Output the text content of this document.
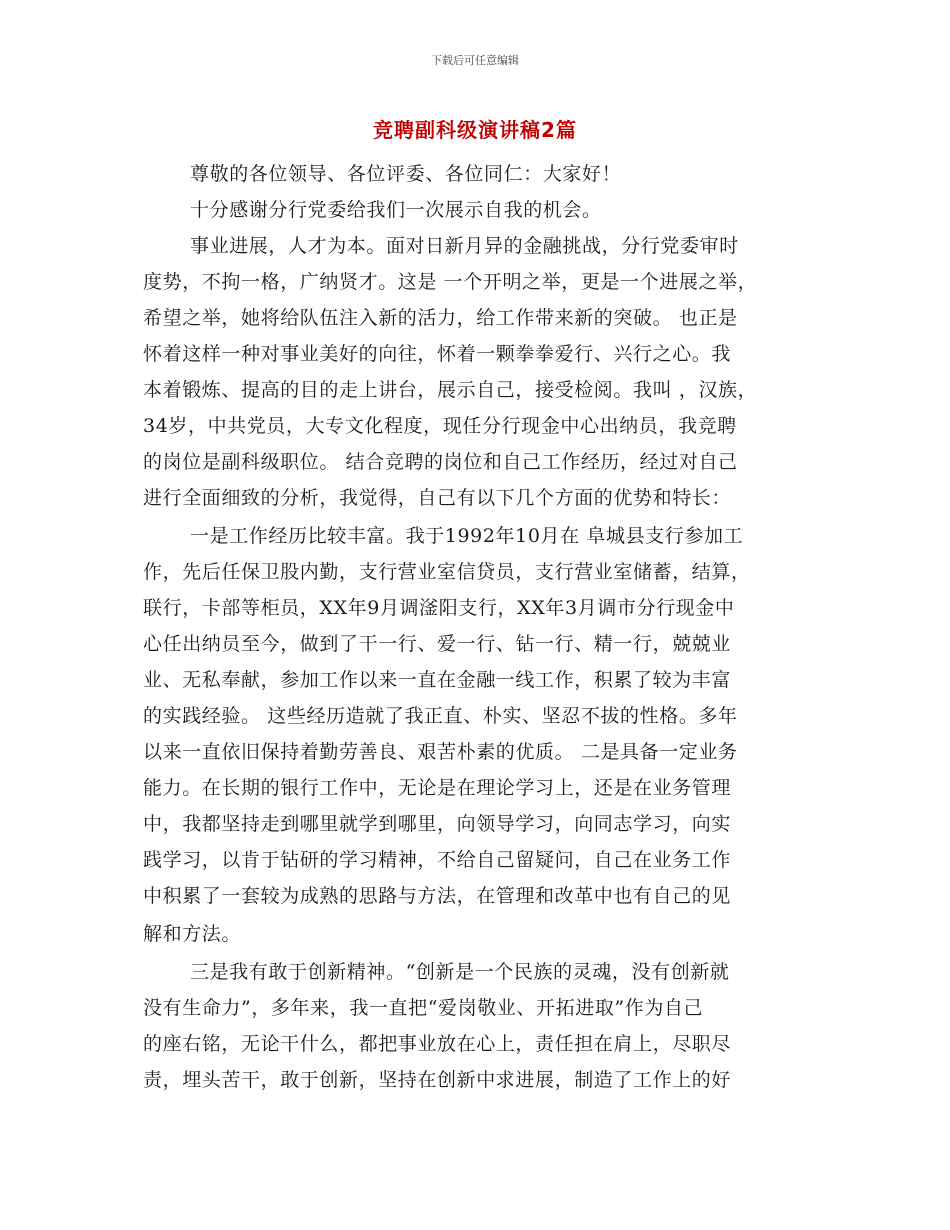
下载后可任意编辑
竞聘副科级演讲稿2篇
尊敬的各位领导、各位评委、各位同仁：大家好！
十分感谢分行党委给我们一次展示自我的机会。
事业进展，人才为本。面对日新月异的金融挑战，分行党委审时
度势，不拘一格，广纳贤才。这是 一个开明之举，更是一个进展之举，
希望之举，她将给队伍注入新的活力，给工作带来新的突破。 也正是
怀着这样一种对事业美好的向往，怀着一颗拳拳爱行、兴行之心。我
本着锻炼、提高的目的走上讲台，展示自己，接受检阅。我叫 ，汉族，
34岁，中共党员，大专文化程度，现任分行现金中心出纳员，我竞聘
的岗位是副科级职位。 结合竞聘的岗位和自己工作经历，经过对自己
进行全面细致的分析，我觉得，自己有以下几个方面的优势和特长：
一是工作经历比较丰富。我于1992年10月在 阜城县支行参加工
作，先后任保卫股内勤，支行营业室信贷员，支行营业室储蓄，结算，
联行，卡部等柜员，XX年9月调滏阳支行，XX年3月调市分行现金中
心任出纳员至今，做到了干一行、爱一行、钻一行、精一行，兢兢业
业、无私奉献，参加工作以来一直在金融一线工作，积累了较为丰富
的实践经验。 这些经历造就了我正直、朴实、坚忍不拔的性格。多年
以来一直依旧保持着勤劳善良、艰苦朴素的优质。 二是具备一定业务
能力。在长期的银行工作中，无论是在理论学习上，还是在业务管理
中，我都坚持走到哪里就学到哪里，向领导学习，向同志学习，向实
践学习，以肯于钻研的学习精神，不给自己留疑问，自己在业务工作
中积累了一套较为成熟的思路与方法，在管理和改革中也有自己的见
解和方法。
三是我有敢于创新精神。“创新是一个民族的灵魂，没有创新就
没有生命力”，多年来，我一直把“爱岗敬业、开拓进取”作为自己
的座右铭，无论干什么，都把事业放在心上，责任担在肩上，尽职尽
责，埋头苦干，敢于创新，坚持在创新中求进展，制造了工作上的好
